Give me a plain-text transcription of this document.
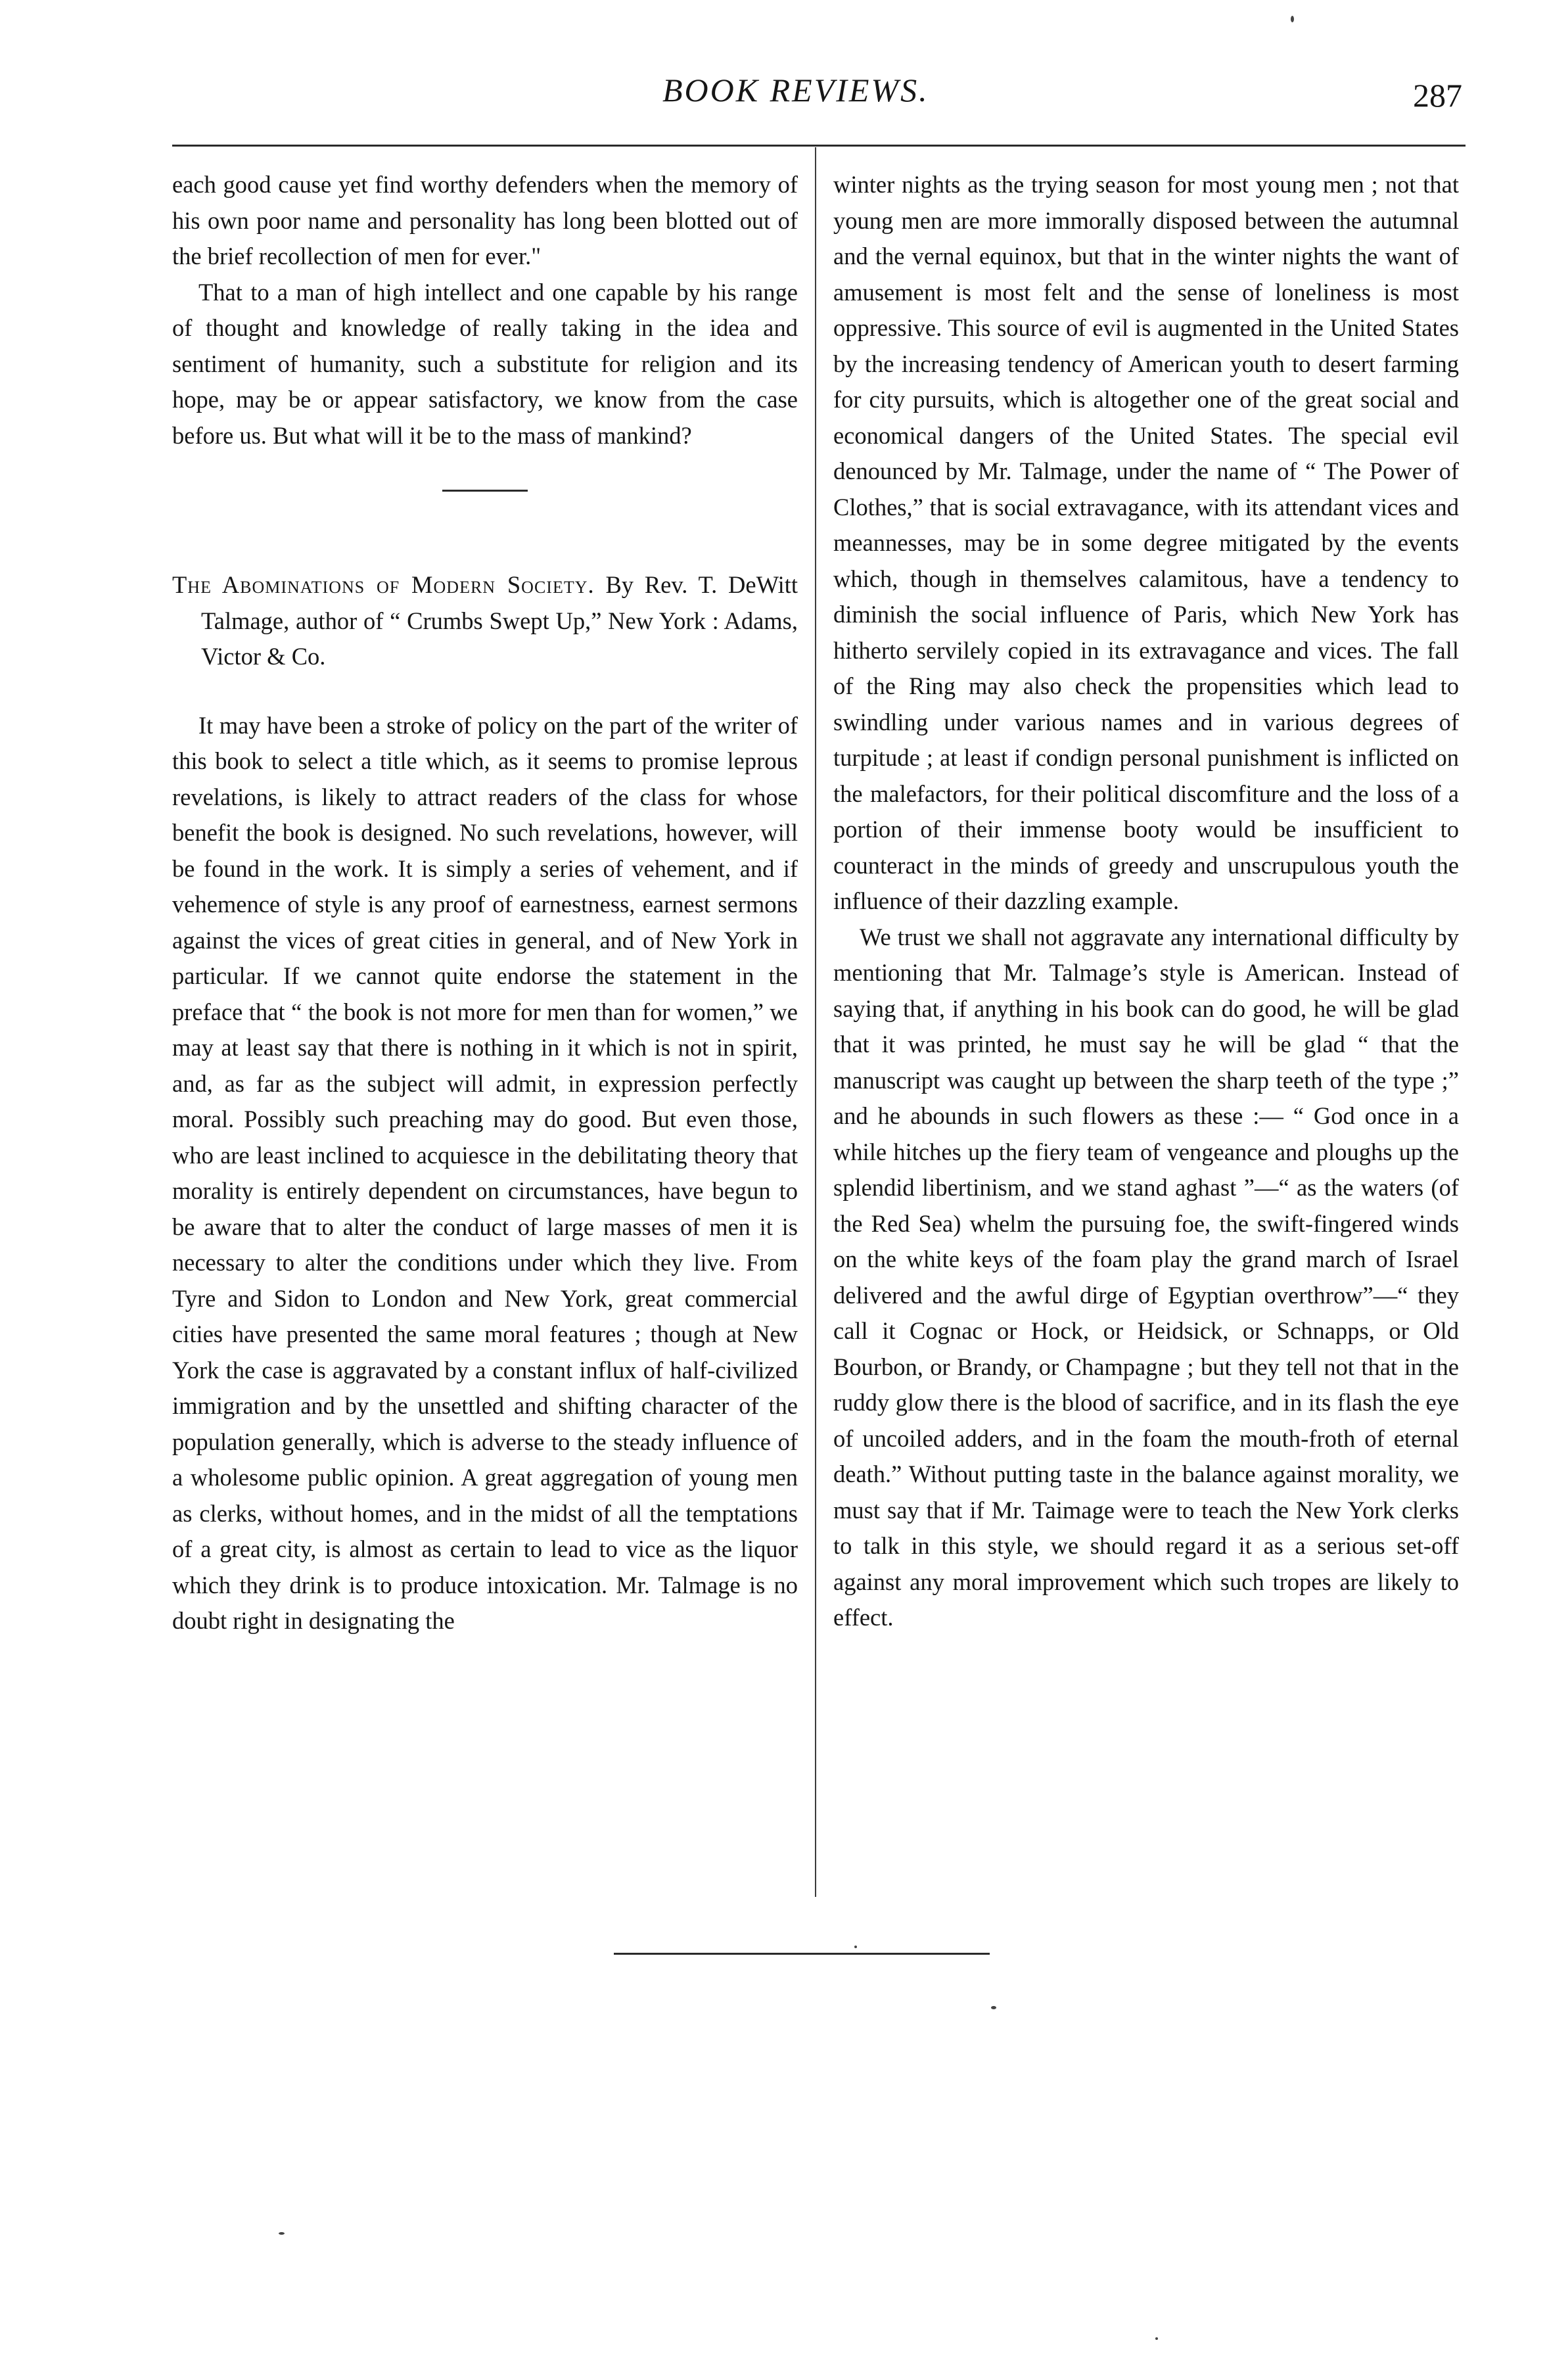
BOOK REVIEWS.	287

each good cause yet find worthy defenders when the memory of his own poor name and personality has long been blotted out of the brief recollection of men for ever."

That to a man of high intellect and one capable by his range of thought and knowledge of really taking in the idea and sentiment of humanity, such a substitute for religion and its hope, may be or appear satisfactory, we know from the case before us. But what will it be to the mass of mankind?

The Abominations of Modern Society. By Rev. T. DeWitt Talmage, author of “ Crumbs Swept Up,” New York : Adams, Victor & Co.

It may have been a stroke of policy on the part of the writer of this book to select a title which, as it seems to promise leprous revelations, is likely to attract readers of the class for whose benefit the book is designed. No such revelations, however, will be found in the work. It is simply a series of vehement, and if vehemence of style is any proof of earnestness, earnest sermons against the vices of great cities in general, and of New York in particular. If we cannot quite endorse the statement in the preface that “ the book is not more for men than for women,” we may at least say that there is nothing in it which is not in spirit, and, as far as the subject will admit, in expression perfectly moral. Possibly such preaching may do good. But even those, who are least inclined to acquiesce in the debilitating theory that morality is entirely dependent on circumstances, have begun to be aware that to alter the conduct of large masses of men it is necessary to alter the conditions under which they live. From Tyre and Sidon to London and New York, great commercial cities have presented the same moral features ; though at New York the case is aggravated by a constant influx of half-civilized immigration and by the unsettled and shifting character of the population generally, which is adverse to the steady influence of a wholesome public opinion. A great aggregation of young men as clerks, without homes, and in the midst of all the temptations of a great city, is almost as certain to lead to vice as the liquor which they drink is to produce intoxication. Mr. Talmage is no doubt right in designating the

winter nights as the trying season for most young men ; not that young men are more immorally disposed between the autumnal and the vernal equinox, but that in the winter nights the want of amusement is most felt and the sense of loneliness is most oppressive. This source of evil is augmented in the United States by the increasing tendency of American youth to desert farming for city pursuits, which is altogether one of the great social and economical dangers of the United States. The special evil denounced by Mr. Talmage, under the name of “ The Power of Clothes,” that is social extravagance, with its attendant vices and meannesses, may be in some degree mitigated by the events which, though in themselves calamitous, have a tendency to diminish the social influence of Paris, which New York has hitherto servilely copied in its extravagance and vices. The fall of the Ring may also check the propensities which lead to swindling under various names and in various degrees of turpitude ; at least if condign personal punishment is inflicted on the malefactors, for their political discomfiture and the loss of a portion of their immense booty would be insufficient to counteract in the minds of greedy and unscrupulous youth the influence of their dazzling example.

We trust we shall not aggravate any international difficulty by mentioning that Mr. Talmage’s style is American. Instead of saying that, if anything in his book can do good, he will be glad that it was printed, he must say he will be glad “ that the manuscript was caught up between the sharp teeth of the type ;” and he abounds in such flowers as these :— “ God once in a while hitches up the fiery team of vengeance and ploughs up the splendid libertinism, and we stand aghast ”—“ as the waters (of the Red Sea) whelm the pursuing foe, the swift-fingered winds on the white keys of the foam play the grand march of Israel delivered and the awful dirge of Egyptian overthrow”—“ they call it Cognac or Hock, or Heidsick, or Schnapps, or Old Bourbon, or Brandy, or Champagne ; but they tell not that in the ruddy glow there is the blood of sacrifice, and in its flash the eye of uncoiled adders, and in the foam the mouth-froth of eternal death.” Without putting taste in the balance against morality, we must say that if Mr. Taimage were to teach the New York clerks to talk in this style, we should regard it as a serious set-off against any moral improvement which such tropes are likely to effect.
